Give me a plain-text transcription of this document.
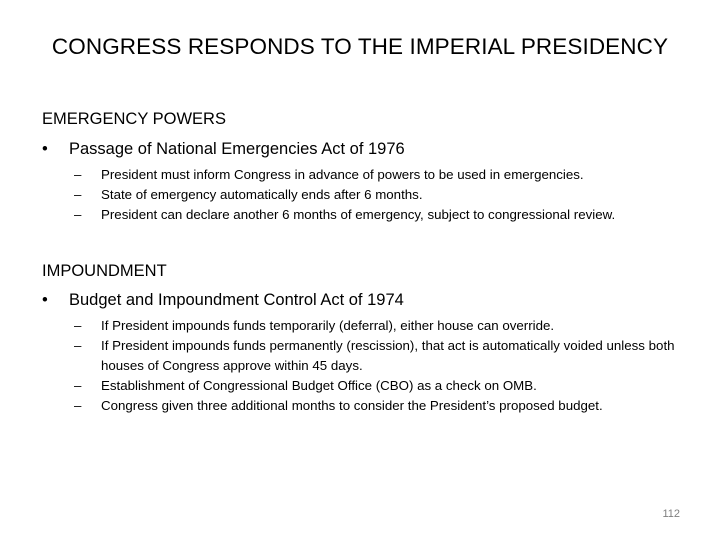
CONGRESS RESPONDS TO THE IMPERIAL PRESIDENCY
EMERGENCY POWERS
• Passage of National Emergencies Act of 1976
– President must inform Congress in advance of powers to be used in emergencies.
– State of emergency automatically ends after 6 months.
– President can declare another 6 months of emergency, subject to congressional review.
IMPOUNDMENT
• Budget and Impoundment Control Act of 1974
– If President impounds funds temporarily (deferral), either house can override.
– If President impounds funds permanently (rescission), that act is automatically voided unless both houses of Congress approve within 45 days.
– Establishment of Congressional Budget Office (CBO) as a check on OMB.
– Congress given three additional months to consider the President’s proposed budget.
112
